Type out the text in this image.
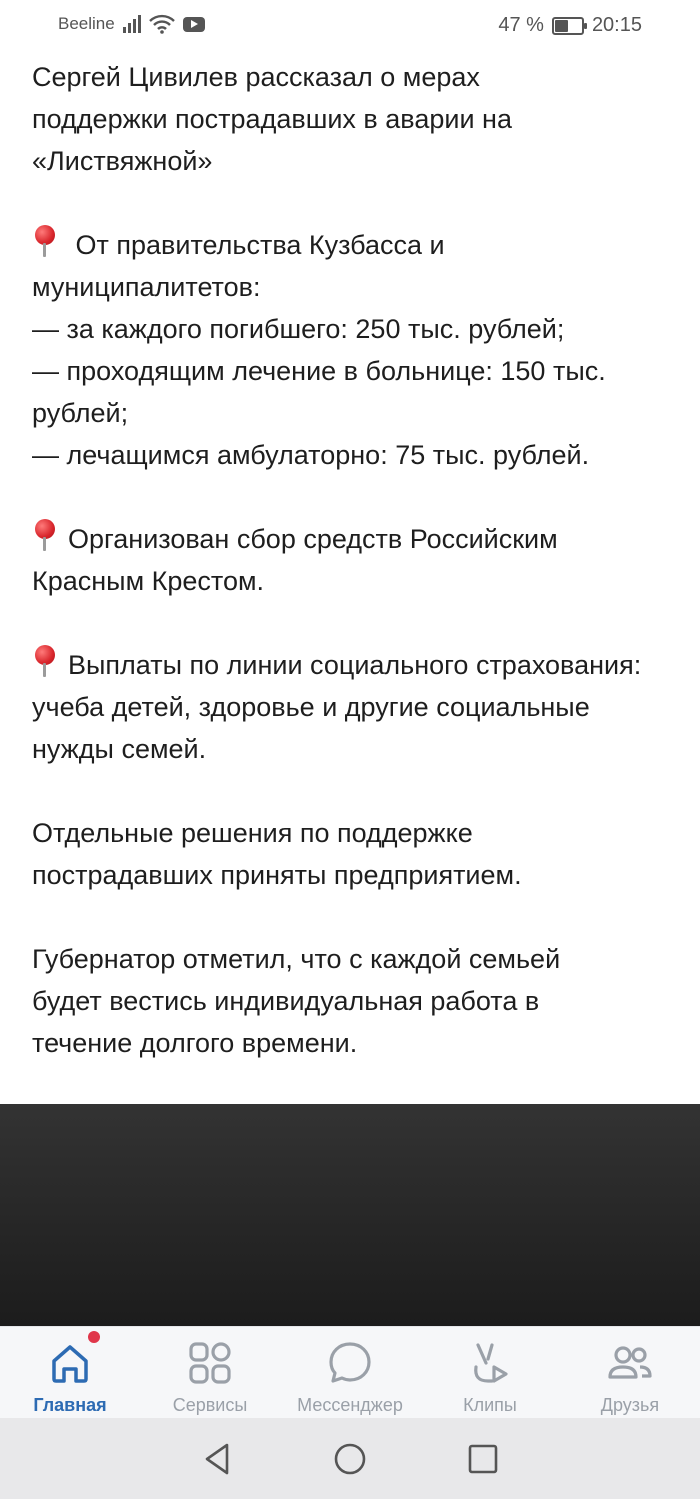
Beeline	47 % 20:15

Сергей Цивилев рассказал о мерах поддержки пострадавших в аварии на «Листвяжной»

От правительства Кузбасса и муниципалитетов:

— за каждого погибшего: 250 тыс. рублей;

— проходящим лечение в больнице: 150 тыс. рублей;

— лечащимся амбулаторно: 75 тыс. рублей.

Организован сбор средств Российским Красным Крестом.

Выплаты по линии социального страхования: учеба детей, здоровье и другие социальные нужды семей.

Отдельные решения по поддержке пострадавших приняты предприятием.

Губернатор отметил, что с каждой семьей будет вестись индивидуальная работа в течение долгого времени.

Главная	Сервисы	Мессенджер	Клипы	Друзья
